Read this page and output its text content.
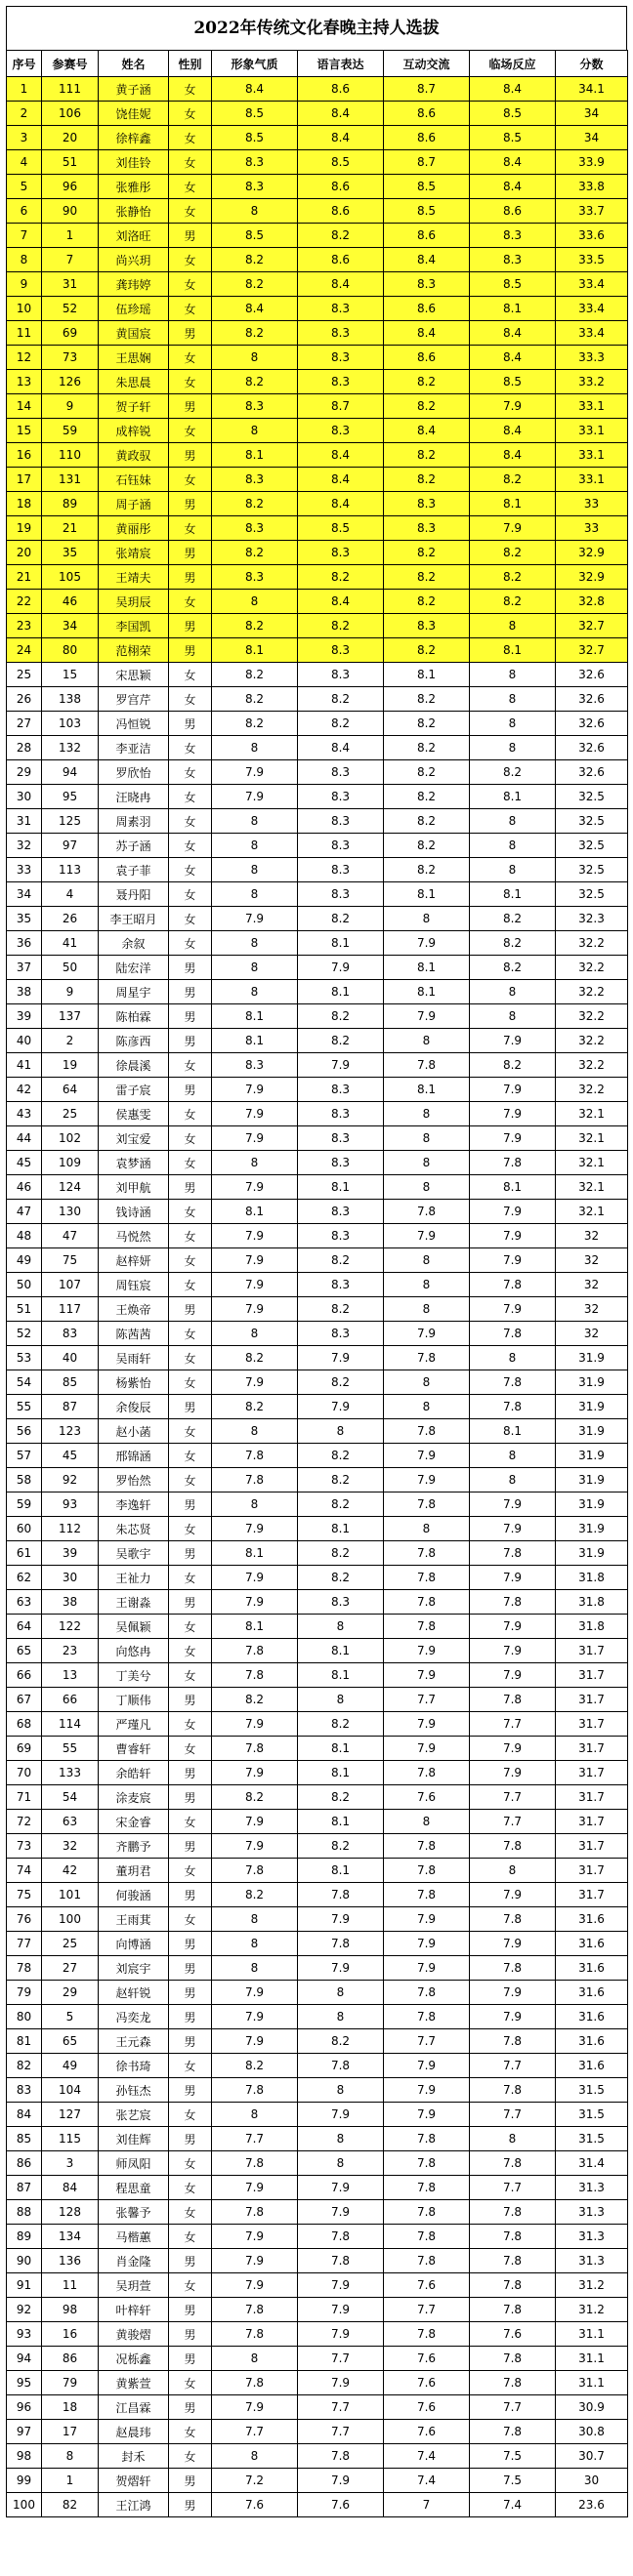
2022年传统文化春晚主持人选拔
序号	参赛号	姓名	性别	形象气质	语言表达	互动交流	临场反应	分数
1	111	黄子涵	女	8.4	8.6	8.7	8.4	34.1
2	106	饶佳妮	女	8.5	8.4	8.6	8.5	34
3	20	徐梓鑫	女	8.5	8.4	8.6	8.5	34
4	51	刘佳铃	女	8.3	8.5	8.7	8.4	33.9
5	96	张雅彤	女	8.3	8.6	8.5	8.4	33.8
6	90	张静怡	女	8	8.6	8.5	8.6	33.7
7	1	刘洛旺	男	8.5	8.2	8.6	8.3	33.6
8	7	尚兴玥	女	8.2	8.6	8.4	8.3	33.5
9	31	龚玮婷	女	8.2	8.4	8.3	8.5	33.4
10	52	伍珍瑶	女	8.4	8.3	8.6	8.1	33.4
11	69	黄国宸	男	8.2	8.3	8.4	8.4	33.4
12	73	王思娴	女	8	8.3	8.6	8.4	33.3
13	126	朱思晨	女	8.2	8.3	8.2	8.5	33.2
14	9	贺子轩	男	8.3	8.7	8.2	7.9	33.1
15	59	成梓锐	女	8	8.3	8.4	8.4	33.1
16	110	黄政驭	男	8.1	8.4	8.2	8.4	33.1
17	131	石钰妹	女	8.3	8.4	8.2	8.2	33.1
18	89	周子涵	男	8.2	8.4	8.3	8.1	33
19	21	黄丽彤	女	8.3	8.5	8.3	7.9	33
20	35	张靖宸	男	8.2	8.3	8.2	8.2	32.9
21	105	王靖夫	男	8.3	8.2	8.2	8.2	32.9
22	46	吴玥辰	女	8	8.4	8.2	8.2	32.8
23	34	李国凯	男	8.2	8.2	8.3	8	32.7
24	80	范栩荣	男	8.1	8.3	8.2	8.1	32.7
25	15	宋思颖	女	8.2	8.3	8.1	8	32.6
26	138	罗宫芹	女	8.2	8.2	8.2	8	32.6
27	103	冯恒锐	男	8.2	8.2	8.2	8	32.6
28	132	李亚洁	女	8	8.4	8.2	8	32.6
29	94	罗欣怡	女	7.9	8.3	8.2	8.2	32.6
30	95	汪晓冉	女	7.9	8.3	8.2	8.1	32.5
31	125	周素羽	女	8	8.3	8.2	8	32.5
32	97	苏子涵	女	8	8.3	8.2	8	32.5
33	113	袁子菲	女	8	8.3	8.2	8	32.5
34	4	聂丹阳	女	8	8.3	8.1	8.1	32.5
35	26	李王昭月	女	7.9	8.2	8	8.2	32.3
36	41	余叙	女	8	8.1	7.9	8.2	32.2
37	50	陆宏洋	男	8	7.9	8.1	8.2	32.2
38	9	周星宇	男	8	8.1	8.1	8	32.2
39	137	陈柏霖	男	8.1	8.2	7.9	8	32.2
40	2	陈彦西	男	8.1	8.2	8	7.9	32.2
41	19	徐晨溪	女	8.3	7.9	7.8	8.2	32.2
42	64	雷子宸	男	7.9	8.3	8.1	7.9	32.2
43	25	侯惠雯	女	7.9	8.3	8	7.9	32.1
44	102	刘宝爱	女	7.9	8.3	8	7.9	32.1
45	109	袁梦涵	女	8	8.3	8	7.8	32.1
46	124	刘甲航	男	7.9	8.1	8	8.1	32.1
47	130	钱诗涵	女	8.1	8.3	7.8	7.9	32.1
48	47	马悦然	女	7.9	8.3	7.9	7.9	32
49	75	赵梓妍	女	7.9	8.2	8	7.9	32
50	107	周钰宸	女	7.9	8.3	8	7.8	32
51	117	王焕帝	男	7.9	8.2	8	7.9	32
52	83	陈茜茜	女	8	8.3	7.9	7.8	32
53	40	吴雨轩	女	8.2	7.9	7.8	8	31.9
54	85	杨紫怡	女	7.9	8.2	8	7.8	31.9
55	87	余俊辰	男	8.2	7.9	8	7.8	31.9
56	123	赵小菡	女	8	8	7.8	8.1	31.9
57	45	邢锦涵	女	7.8	8.2	7.9	8	31.9
58	92	罗怡然	女	7.8	8.2	7.9	8	31.9
59	93	李逸轩	男	8	8.2	7.8	7.9	31.9
60	112	朱芯贤	女	7.9	8.1	8	7.9	31.9
61	39	吴歌宇	男	8.1	8.2	7.8	7.8	31.9
62	30	王祉力	女	7.9	8.2	7.8	7.9	31.8
63	38	王谢淼	男	7.9	8.3	7.8	7.8	31.8
64	122	吴佩颖	女	8.1	8	7.8	7.9	31.8
65	23	向悠冉	女	7.8	8.1	7.9	7.9	31.7
66	13	丁美兮	女	7.8	8.1	7.9	7.9	31.7
67	66	丁顺伟	男	8.2	8	7.7	7.8	31.7
68	114	严瑾凡	女	7.9	8.2	7.9	7.7	31.7
69	55	曹睿轩	女	7.8	8.1	7.9	7.9	31.7
70	133	余皓轩	男	7.9	8.1	7.8	7.9	31.7
71	54	涂麦宸	男	8.2	8.2	7.6	7.7	31.7
72	63	宋金睿	女	7.9	8.1	8	7.7	31.7
73	32	齐鹏予	男	7.9	8.2	7.8	7.8	31.7
74	42	董玥君	女	7.8	8.1	7.8	8	31.7
75	101	何骏涵	男	8.2	7.8	7.8	7.9	31.7
76	100	王雨萁	女	8	7.9	7.9	7.8	31.6
77	25	向博涵	男	8	7.8	7.9	7.9	31.6
78	27	刘宸宇	男	8	7.9	7.9	7.8	31.6
79	29	赵轩锐	男	7.9	8	7.8	7.9	31.6
80	5	冯奕龙	男	7.9	8	7.8	7.9	31.6
81	65	王元森	男	7.9	8.2	7.7	7.8	31.6
82	49	徐书琦	女	8.2	7.8	7.9	7.7	31.6
83	104	孙钰杰	男	7.8	8	7.9	7.8	31.5
84	127	张艺宸	女	8	7.9	7.9	7.7	31.5
85	115	刘佳辉	男	7.7	8	7.8	8	31.5
86	3	师凤阳	女	7.8	8	7.8	7.8	31.4
87	84	程思童	女	7.9	7.9	7.8	7.7	31.3
88	128	张馨予	女	7.8	7.9	7.8	7.8	31.3
89	134	马楷蕙	女	7.9	7.8	7.8	7.8	31.3
90	136	肖金隆	男	7.9	7.8	7.8	7.8	31.3
91	11	吴玥萱	女	7.9	7.9	7.6	7.8	31.2
92	98	叶梓轩	男	7.8	7.9	7.7	7.8	31.2
93	16	黄骏熠	男	7.8	7.9	7.8	7.6	31.1
94	86	况栎鑫	男	8	7.7	7.6	7.8	31.1
95	79	黄紫萱	女	7.8	7.9	7.6	7.8	31.1
96	18	江昌霖	男	7.9	7.7	7.6	7.7	30.9
97	17	赵晨玮	女	7.7	7.7	7.6	7.8	30.8
98	8	封禾	女	8	7.8	7.4	7.5	30.7
99	1	贺熠轩	男	7.2	7.9	7.4	7.5	30
100	82	王江鸿	男	7.6	7.6	7	7.4	23.6
